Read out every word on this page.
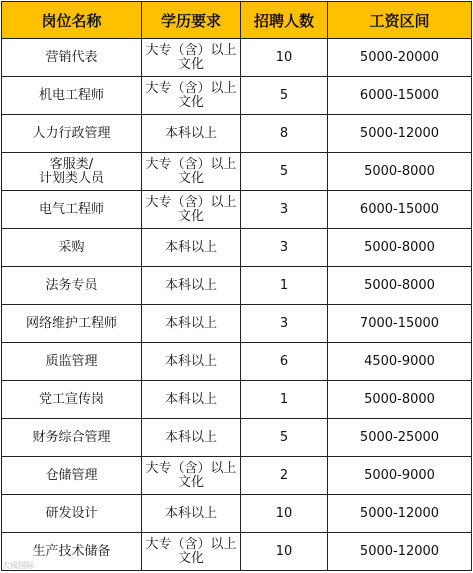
岗位名称	学历要求	招聘人数	工资区间
营销代表	大专（含）以上文化	10	5000-20000
机电工程师	大专（含）以上文化	5	6000-15000
人力行政管理	本科以上	8	5000-12000
客服类/
计划类人员	大专（含）以上文化	5	5000-8000
电气工程师	大专（含）以上文化	3	6000-15000
采购	本科以上	3	5000-8000
法务专员	本科以上	1	5000-8000
网络维护工程师	本科以上	3	7000-15000
质监管理	本科以上	6	4500-9000
党工宣传岗	本科以上	1	5000-8000
财务综合管理	本科以上	5	5000-25000
仓储管理	大专（含）以上文化	2	5000-9000
研发设计	本科以上	10	5000-12000
生产技术储备	大专（含）以上文化	10	5000-12000
大成国际
